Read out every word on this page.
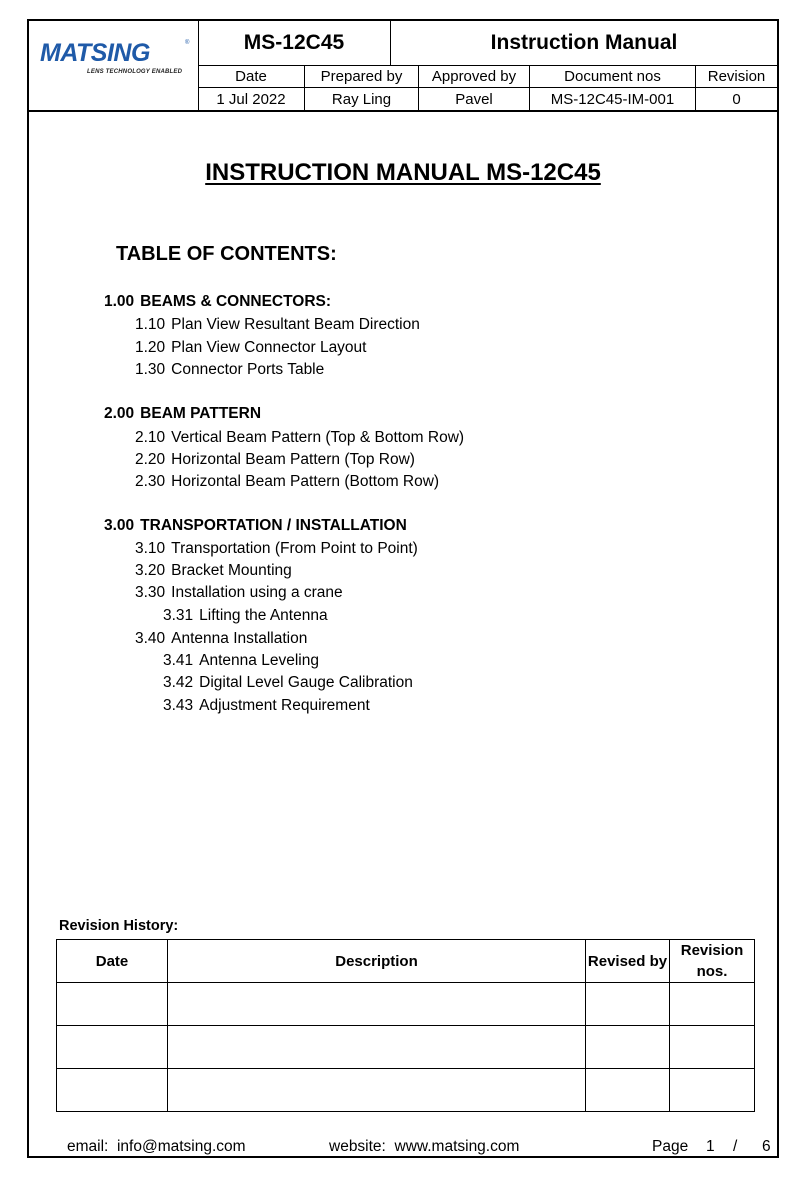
MATSING	®
LENS TECHNOLOGY ENABLED
MS-12C45	Instruction Manual
Date	Prepared by	Approved by	Document nos	Revision
1 Jul 2022	Ray Ling	Pavel	MS-12C45-IM-001	0
INSTRUCTION MANUAL MS-12C45
TABLE OF CONTENTS:
1.00 BEAMS & CONNECTORS:
1.10 Plan View Resultant Beam Direction
1.20 Plan View Connector Layout
1.30 Connector Ports Table
2.00 BEAM PATTERN
2.10 Vertical Beam Pattern (Top & Bottom Row)
2.20 Horizontal Beam Pattern (Top Row)
2.30 Horizontal Beam Pattern (Bottom Row)
3.00 TRANSPORTATION / INSTALLATION
3.10 Transportation (From Point to Point)
3.20 Bracket Mounting
3.30 Installation using a crane
3.31 Lifting the Antenna
3.40 Antenna Installation
3.41 Antenna Leveling
3.42 Digital Level Gauge Calibration
3.43 Adjustment Requirement
Revision History:
Date	Description	Revised by	Revision
nos.

email: info@matsing.com	website: www.matsing.com	Page 1 / 6
